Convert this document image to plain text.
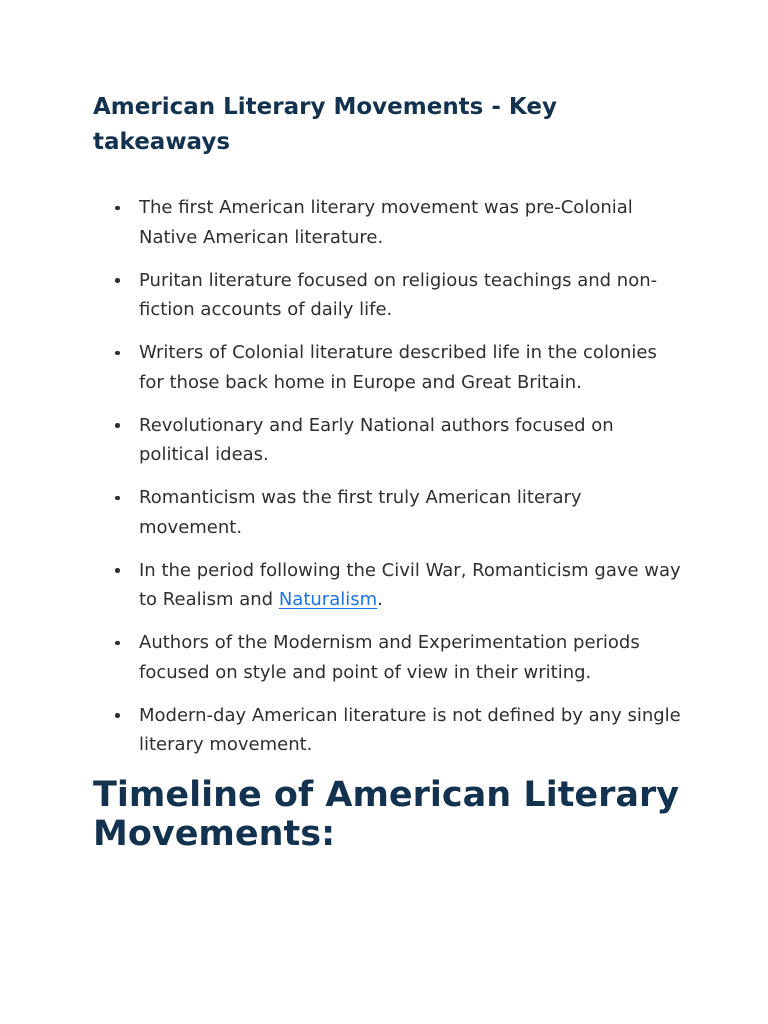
American Literary Movements - Key takeaways
The first American literary movement was pre-Colonial Native American literature.
Puritan literature focused on religious teachings and non-fiction accounts of daily life.
Writers of Colonial literature described life in the colonies for those back home in Europe and Great Britain.
Revolutionary and Early National authors focused on political ideas.
Romanticism was the first truly American literary movement.
In the period following the Civil War, Romanticism gave way to Realism and Naturalism.
Authors of the Modernism and Experimentation periods focused on style and point of view in their writing.
Modern-day American literature is not defined by any single literary movement.
Timeline of American Literary Movements:
